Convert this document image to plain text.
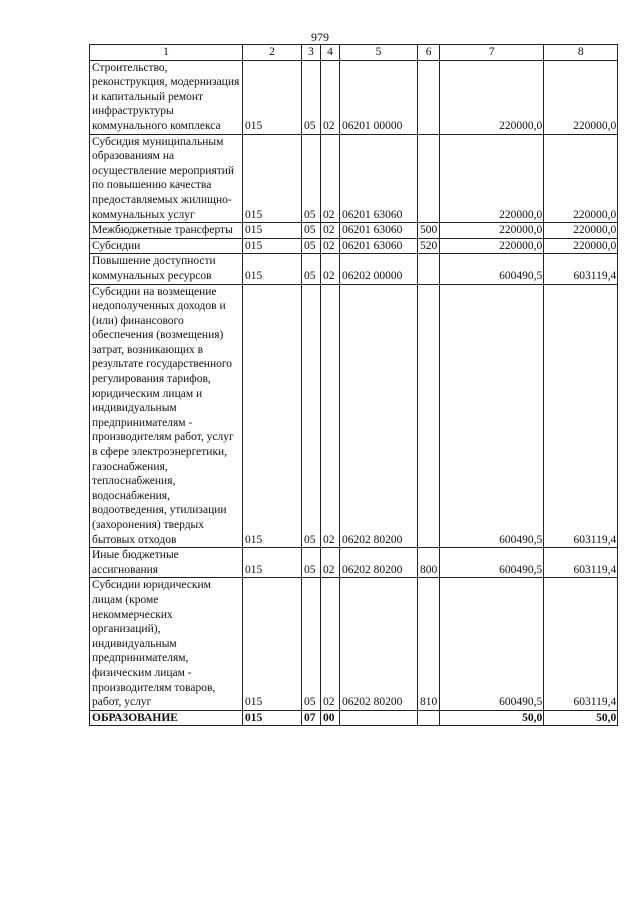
979
1	2	3	4	5	6	7	8
Строительство, реконструкция, модернизация и капитальный ремонт инфраструктуры коммунального комплекса	015	05	02	06201 00000		220000,0	220000,0
Субсидия муниципальным образованиям на осуществление мероприятий по повышению качества предоставляемых жилищно-коммунальных услуг	015	05	02	06201 63060		220000,0	220000,0
Межбюджетные трансферты	015	05	02	06201 63060	500	220000,0	220000,0
Субсидии	015	05	02	06201 63060	520	220000,0	220000,0
Повышение доступности коммунальных ресурсов	015	05	02	06202 00000		600490,5	603119,4
Субсидии на возмещение недополученных доходов и (или) финансового обеспечения (возмещения) затрат, возникающих в результате государственного регулирования тарифов, юридическим лицам и индивидуальным предпринимателям - производителям работ, услуг в сфере электроэнергетики, газоснабжения, теплоснабжения, водоснабжения, водоотведения, утилизации (захоронения) твердых бытовых отходов	015	05	02	06202 80200		600490,5	603119,4
Иные бюджетные ассигнования	015	05	02	06202 80200	800	600490,5	603119,4
Субсидии юридическим лицам (кроме некоммерческих организаций), индивидуальным предпринимателям, физическим лицам - производителям товаров, работ, услуг	015	05	02	06202 80200	810	600490,5	603119,4
ОБРАЗОВАНИЕ	015	07	00			50,0	50,0
